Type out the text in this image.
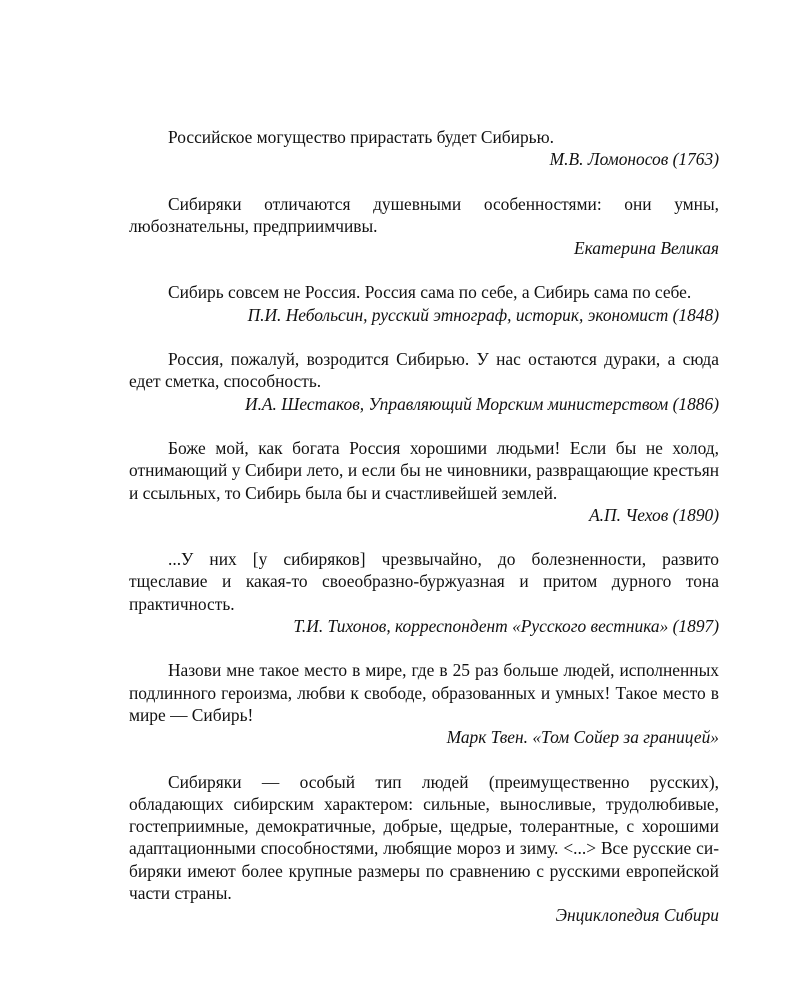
Российское могущество прирастать будет Сибирью.

М.В. Ломоносов (1763)

Сибиряки отличаются душевными особенностями: они умны, любознательны, предприимчивы.

Екатерина Великая

Сибирь совсем не Россия. Россия сама по себе, а Сибирь сама по себе.

П.И. Небольсин, русский этнограф, историк, экономист (1848)

Россия, пожалуй, возродится Сибирью. У нас остаются дураки, а сюда едет сметка, способность.

И.А. Шестаков, Управляющий Морским министерством (1886)

Боже мой, как богата Россия хорошими людьми! Если бы не холод, отнимающий у Сибири лето, и если бы не чиновники, развращающие крестьян и ссыльных, то Сибирь была бы и счастливейшей землей.

А.П. Чехов (1890)

...У них [у сибиряков] чрезвычайно, до болезненности, развито тщеславие и какая-то своеобразно-буржуазная и притом дурного тона практичность.

Т.И. Тихонов, корреспондент «Русского вестника» (1897)

Назови мне такое место в мире, где в 25 раз больше людей, исполненных подлинного героизма, любви к свободе, образованных и умных! Такое место в мире — Сибирь!

Марк Твен. «Том Сойер за границей»

Сибиряки — особый тип людей (преимущественно русских), обладающих сибирским характером: сильные, выносливые, трудолюбивые, гостеприимные, демократичные, добрые, щедрые, толерантные, с хорошими адаптационными способностями, любящие мороз и зиму. <...> Все русские сибиряки имеют более крупные размеры по сравнению с русскими европейской части страны.

Энциклопедия Сибири
